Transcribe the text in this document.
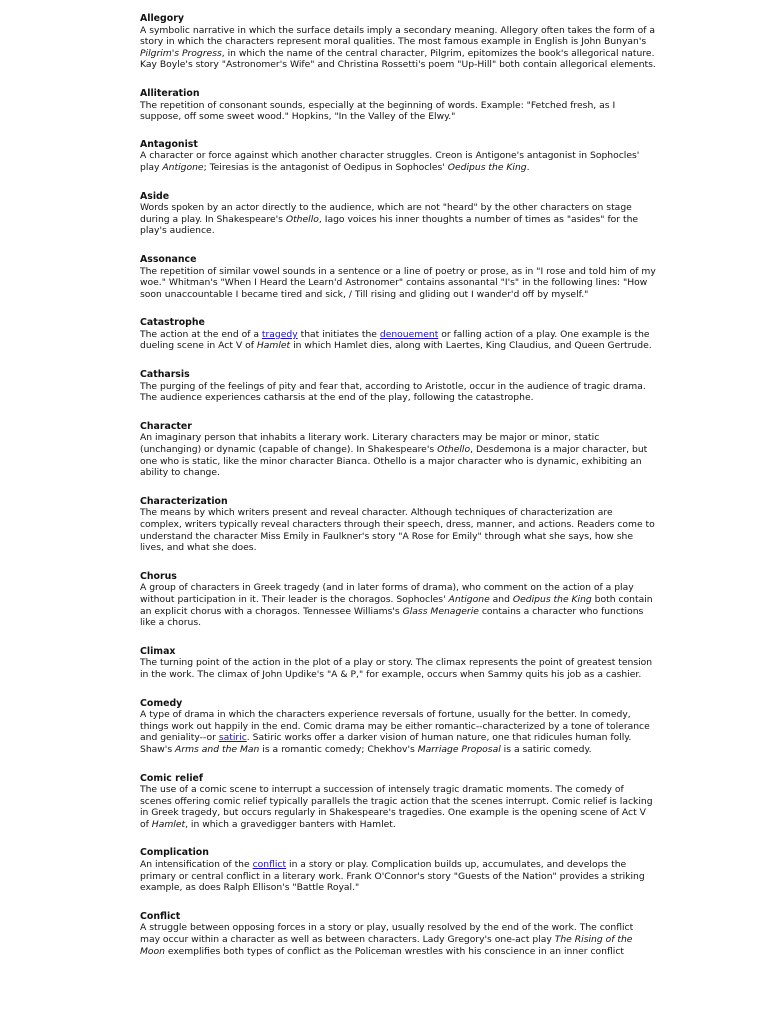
Allegory
A symbolic narrative in which the surface details imply a secondary meaning. Allegory often takes the form of a story in which the characters represent moral qualities. The most famous example in English is John Bunyan's Pilgrim's Progress, in which the name of the central character, Pilgrim, epitomizes the book's allegorical nature. Kay Boyle's story "Astronomer's Wife" and Christina Rossetti's poem "Up-Hill" both contain allegorical elements.
Alliteration
The repetition of consonant sounds, especially at the beginning of words. Example: "Fetched fresh, as I suppose, off some sweet wood." Hopkins, "In the Valley of the Elwy."
Antagonist
A character or force against which another character struggles. Creon is Antigone's antagonist in Sophocles' play Antigone; Teiresias is the antagonist of Oedipus in Sophocles' Oedipus the King.
Aside
Words spoken by an actor directly to the audience, which are not "heard" by the other characters on stage during a play. In Shakespeare's Othello, Iago voices his inner thoughts a number of times as "asides" for the play's audience.
Assonance
The repetition of similar vowel sounds in a sentence or a line of poetry or prose, as in "I rose and told him of my woe." Whitman's "When I Heard the Learn'd Astronomer" contains assonantal "I's" in the following lines: "How soon unaccountable I became tired and sick, / Till rising and gliding out I wander'd off by myself."
Catastrophe
The action at the end of a tragedy that initiates the denouement or falling action of a play. One example is the dueling scene in Act V of Hamlet in which Hamlet dies, along with Laertes, King Claudius, and Queen Gertrude.
Catharsis
The purging of the feelings of pity and fear that, according to Aristotle, occur in the audience of tragic drama. The audience experiences catharsis at the end of the play, following the catastrophe.
Character
An imaginary person that inhabits a literary work. Literary characters may be major or minor, static (unchanging) or dynamic (capable of change). In Shakespeare's Othello, Desdemona is a major character, but one who is static, like the minor character Bianca. Othello is a major character who is dynamic, exhibiting an ability to change.
Characterization
The means by which writers present and reveal character. Although techniques of characterization are complex, writers typically reveal characters through their speech, dress, manner, and actions. Readers come to understand the character Miss Emily in Faulkner's story "A Rose for Emily" through what she says, how she lives, and what she does.
Chorus
A group of characters in Greek tragedy (and in later forms of drama), who comment on the action of a play without participation in it. Their leader is the choragos. Sophocles' Antigone and Oedipus the King both contain an explicit chorus with a choragos. Tennessee Williams's Glass Menagerie contains a character who functions like a chorus.
Climax
The turning point of the action in the plot of a play or story. The climax represents the point of greatest tension in the work. The climax of John Updike's "A & P," for example, occurs when Sammy quits his job as a cashier.
Comedy
A type of drama in which the characters experience reversals of fortune, usually for the better. In comedy, things work out happily in the end. Comic drama may be either romantic--characterized by a tone of tolerance and geniality--or satiric. Satiric works offer a darker vision of human nature, one that ridicules human folly. Shaw's Arms and the Man is a romantic comedy; Chekhov's Marriage Proposal is a satiric comedy.
Comic relief
The use of a comic scene to interrupt a succession of intensely tragic dramatic moments. The comedy of scenes offering comic relief typically parallels the tragic action that the scenes interrupt. Comic relief is lacking in Greek tragedy, but occurs regularly in Shakespeare's tragedies. One example is the opening scene of Act V of Hamlet, in which a gravedigger banters with Hamlet.
Complication
An intensification of the conflict in a story or play. Complication builds up, accumulates, and develops the primary or central conflict in a literary work. Frank O'Connor's story "Guests of the Nation" provides a striking example, as does Ralph Ellison's "Battle Royal."
Conflict
A struggle between opposing forces in a story or play, usually resolved by the end of the work. The conflict may occur within a character as well as between characters. Lady Gregory's one-act play The Rising of the Moon exemplifies both types of conflict as the Policeman wrestles with his conscience in an inner conflict
